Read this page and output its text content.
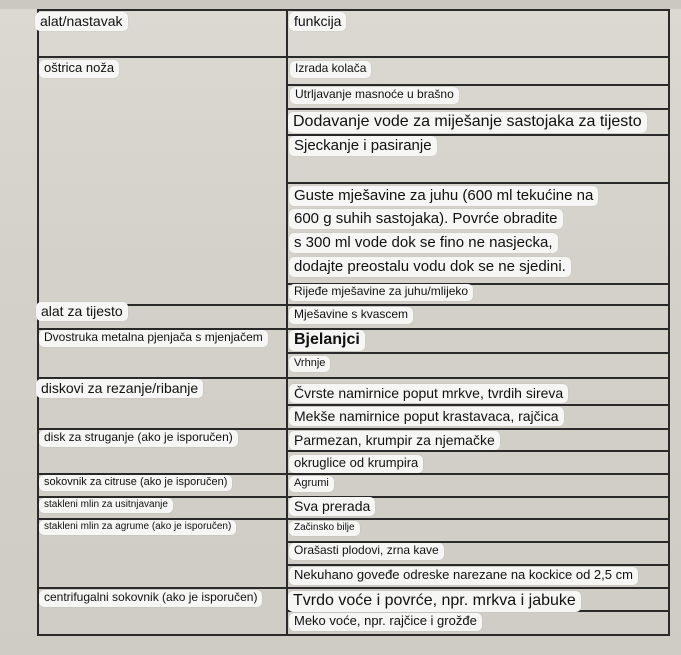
alat/nastavak	funkcija
oštrica noža
alat za tijesto
Dvostruka metalna pjenjača s mjenjačem
diskovi za rezanje/ribanje
disk za struganje (ako je isporučen)
sokovnik za citruse (ako je isporučen)
stakleni mlin za usitnjavanje
stakleni mlin za agrume (ako je isporučen)
centrifugalni sokovnik (ako je isporučen)
Izrada kolača
Utrljavanje masnoće u brašno
Dodavanje vode za miješanje sastojaka za tijesto
Sjeckanje i pasiranje
Guste mješavine za juhu (600 ml tekućine na
600 g suhih sastojaka). Povrće obradite
s 300 ml vode dok se fino ne nasjecka,
dodajte preostalu vodu dok se ne sjedini.
Rijeđe mješavine za juhu/mlijeko
Mješavine s kvascem
Bjelanjci
Vrhnje
Čvrste namirnice poput mrkve, tvrdih sireva
Mekše namirnice poput krastavaca, rajčica
Parmezan, krumpir za njemačke
okruglice od krumpira
Agrumi
Sva prerada
Začinsko bilje
Orašasti plodovi, zrna kave
Nekuhano goveđe odreske narezane na kockice od 2,5 cm
Tvrdo voće i povrće, npr. mrkva i jabuke
Meko voće, npr. rajčice i grožđe
